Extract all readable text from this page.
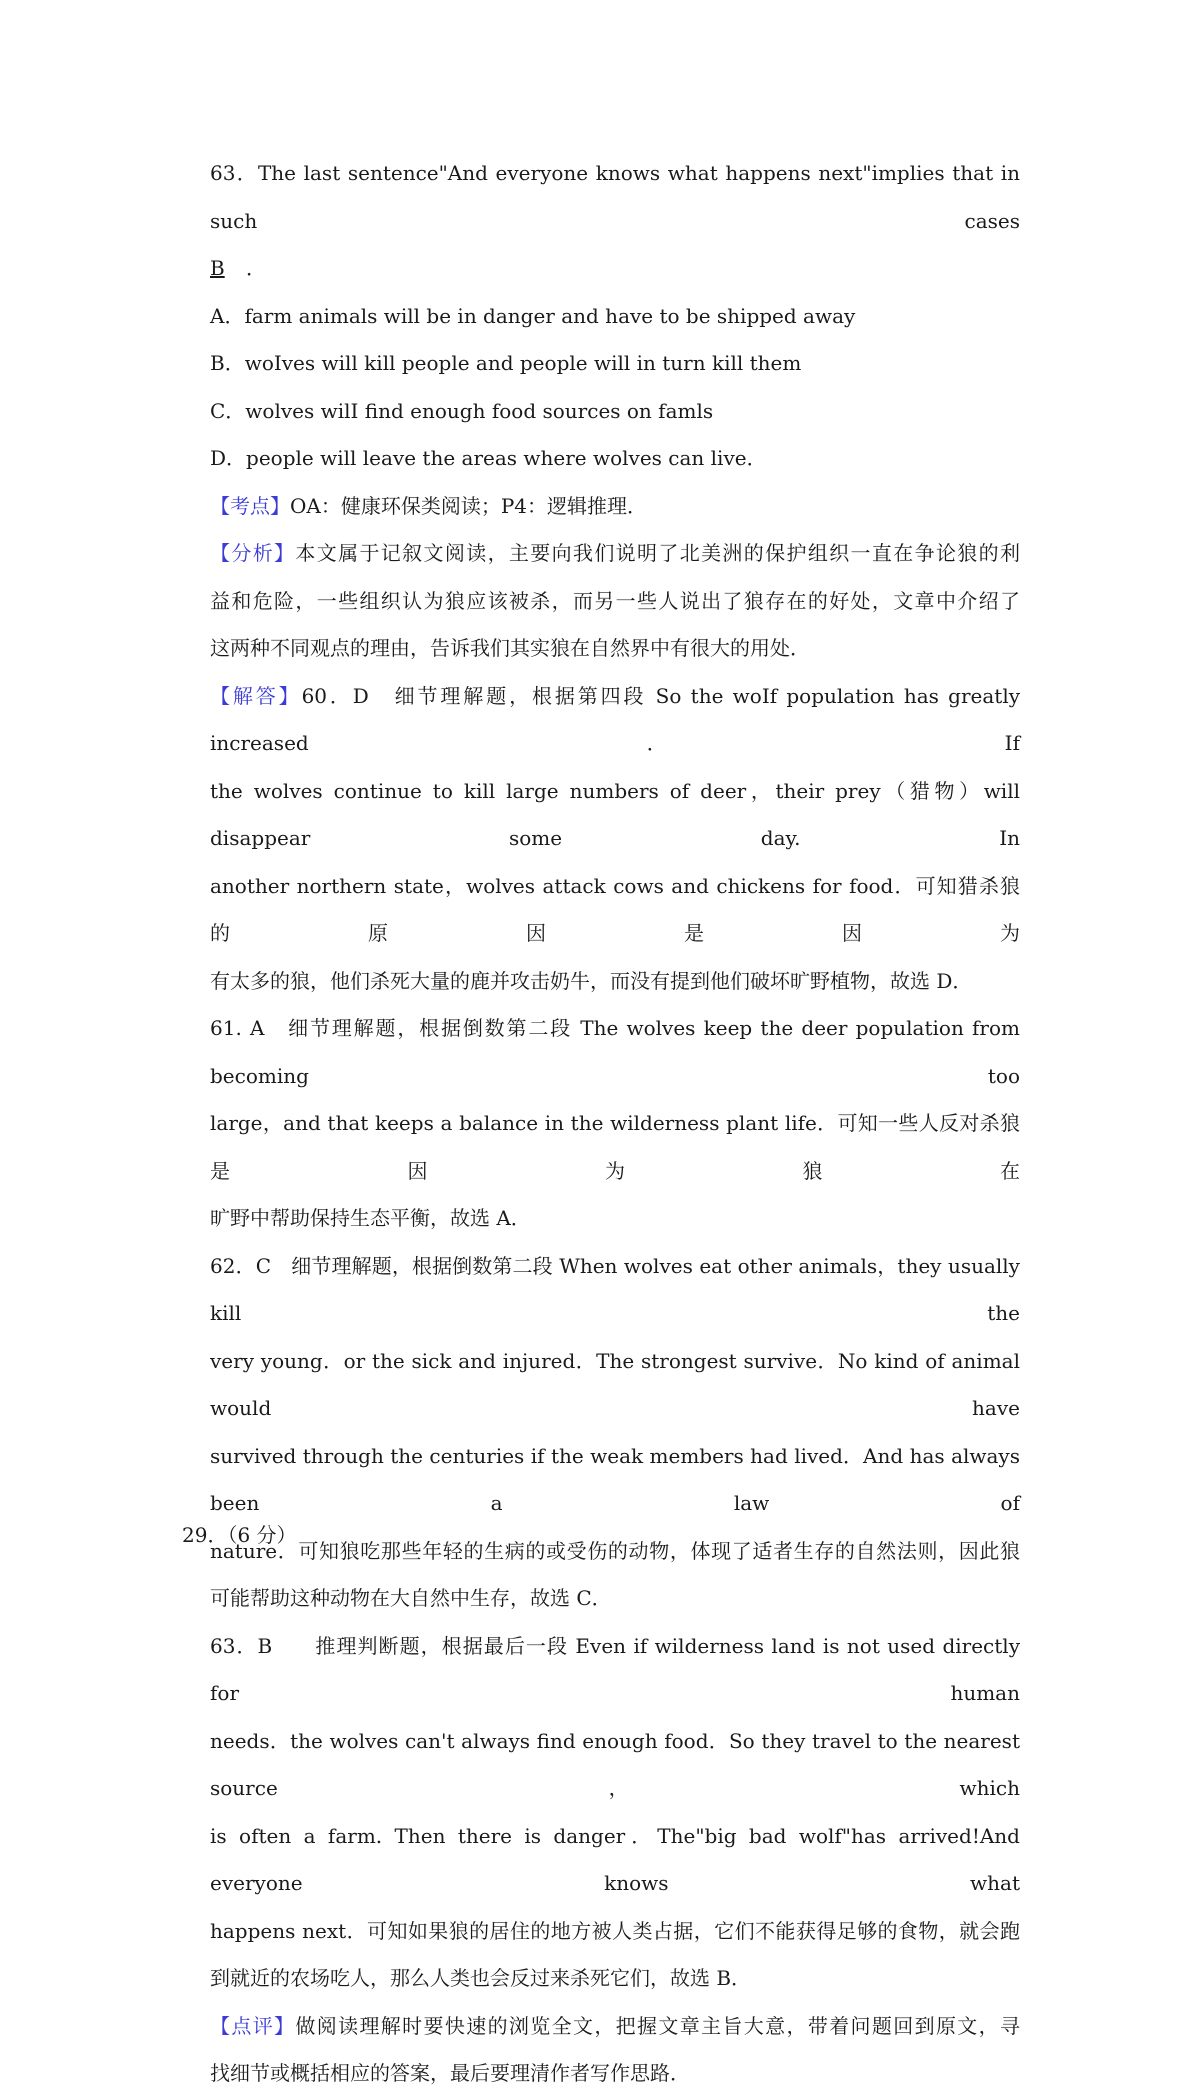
63．The last sentence"And everyone knows what happens next"implies that in such cases
B ．
A．farm animals will be in danger and have to be shipped away
B．woIves will kill people and people will in turn kill them
C．wolves wilI find enough food sources on famls
D．people will leave the areas where wolves can live．
【考点】OA：健康环保类阅读；P4：逻辑推理．
【分析】本文属于记叙文阅读，主要向我们说明了北美洲的保护组织一直在争论狼的利
益和危险，一些组织认为狼应该被杀，而另一些人说出了狼存在的好处，文章中介绍了
这两种不同观点的理由，告诉我们其实狼在自然界中有很大的用处．
【解答】60．D　细节理解题，根据第四段 So the woIf population has greatly increased．If
the wolves continue to kill large numbers of deer，their prey（猎物）will disappear some day. In
another northern state，wolves attack cows and chickens for food．可知猎杀狼的原因是因为
有太多的狼，他们杀死大量的鹿并攻击奶牛，而没有提到他们破坏旷野植物，故选 D．
61. A　细节理解题，根据倒数第二段 The wolves keep the deer population from becoming too
large，and that keeps a balance in the wilderness plant life．可知一些人反对杀狼是因为狼在
旷野中帮助保持生态平衡，故选 A．
62．C　细节理解题，根据倒数第二段 When wolves eat other animals，they usually kill the
very young．or the sick and injured．The strongest survive．No kind of animal would have
survived through the centuries if the weak members had lived．And has always been a law of
nature．可知狼吃那些年轻的生病的或受伤的动物，体现了适者生存的自然法则，因此狼
可能帮助这种动物在大自然中生存，故选 C．
63．B　　推理判断题，根据最后一段 Even if wilderness land is not used directly for human
needs．the wolves can't always find enough food．So they travel to the nearest source，which
is often a farm. Then there is danger．The"big bad wolf"has arrived!And everyone knows what
happens next．可知如果狼的居住的地方被人类占据，它们不能获得足够的食物，就会跑
到就近的农场吃人，那么人类也会反过来杀死它们，故选 B．
【点评】做阅读理解时要快速的浏览全文，把握文章主旨大意，带着问题回到原文，寻
找细节或概括相应的答案，最后要理清作者写作思路．
29．（6 分）
